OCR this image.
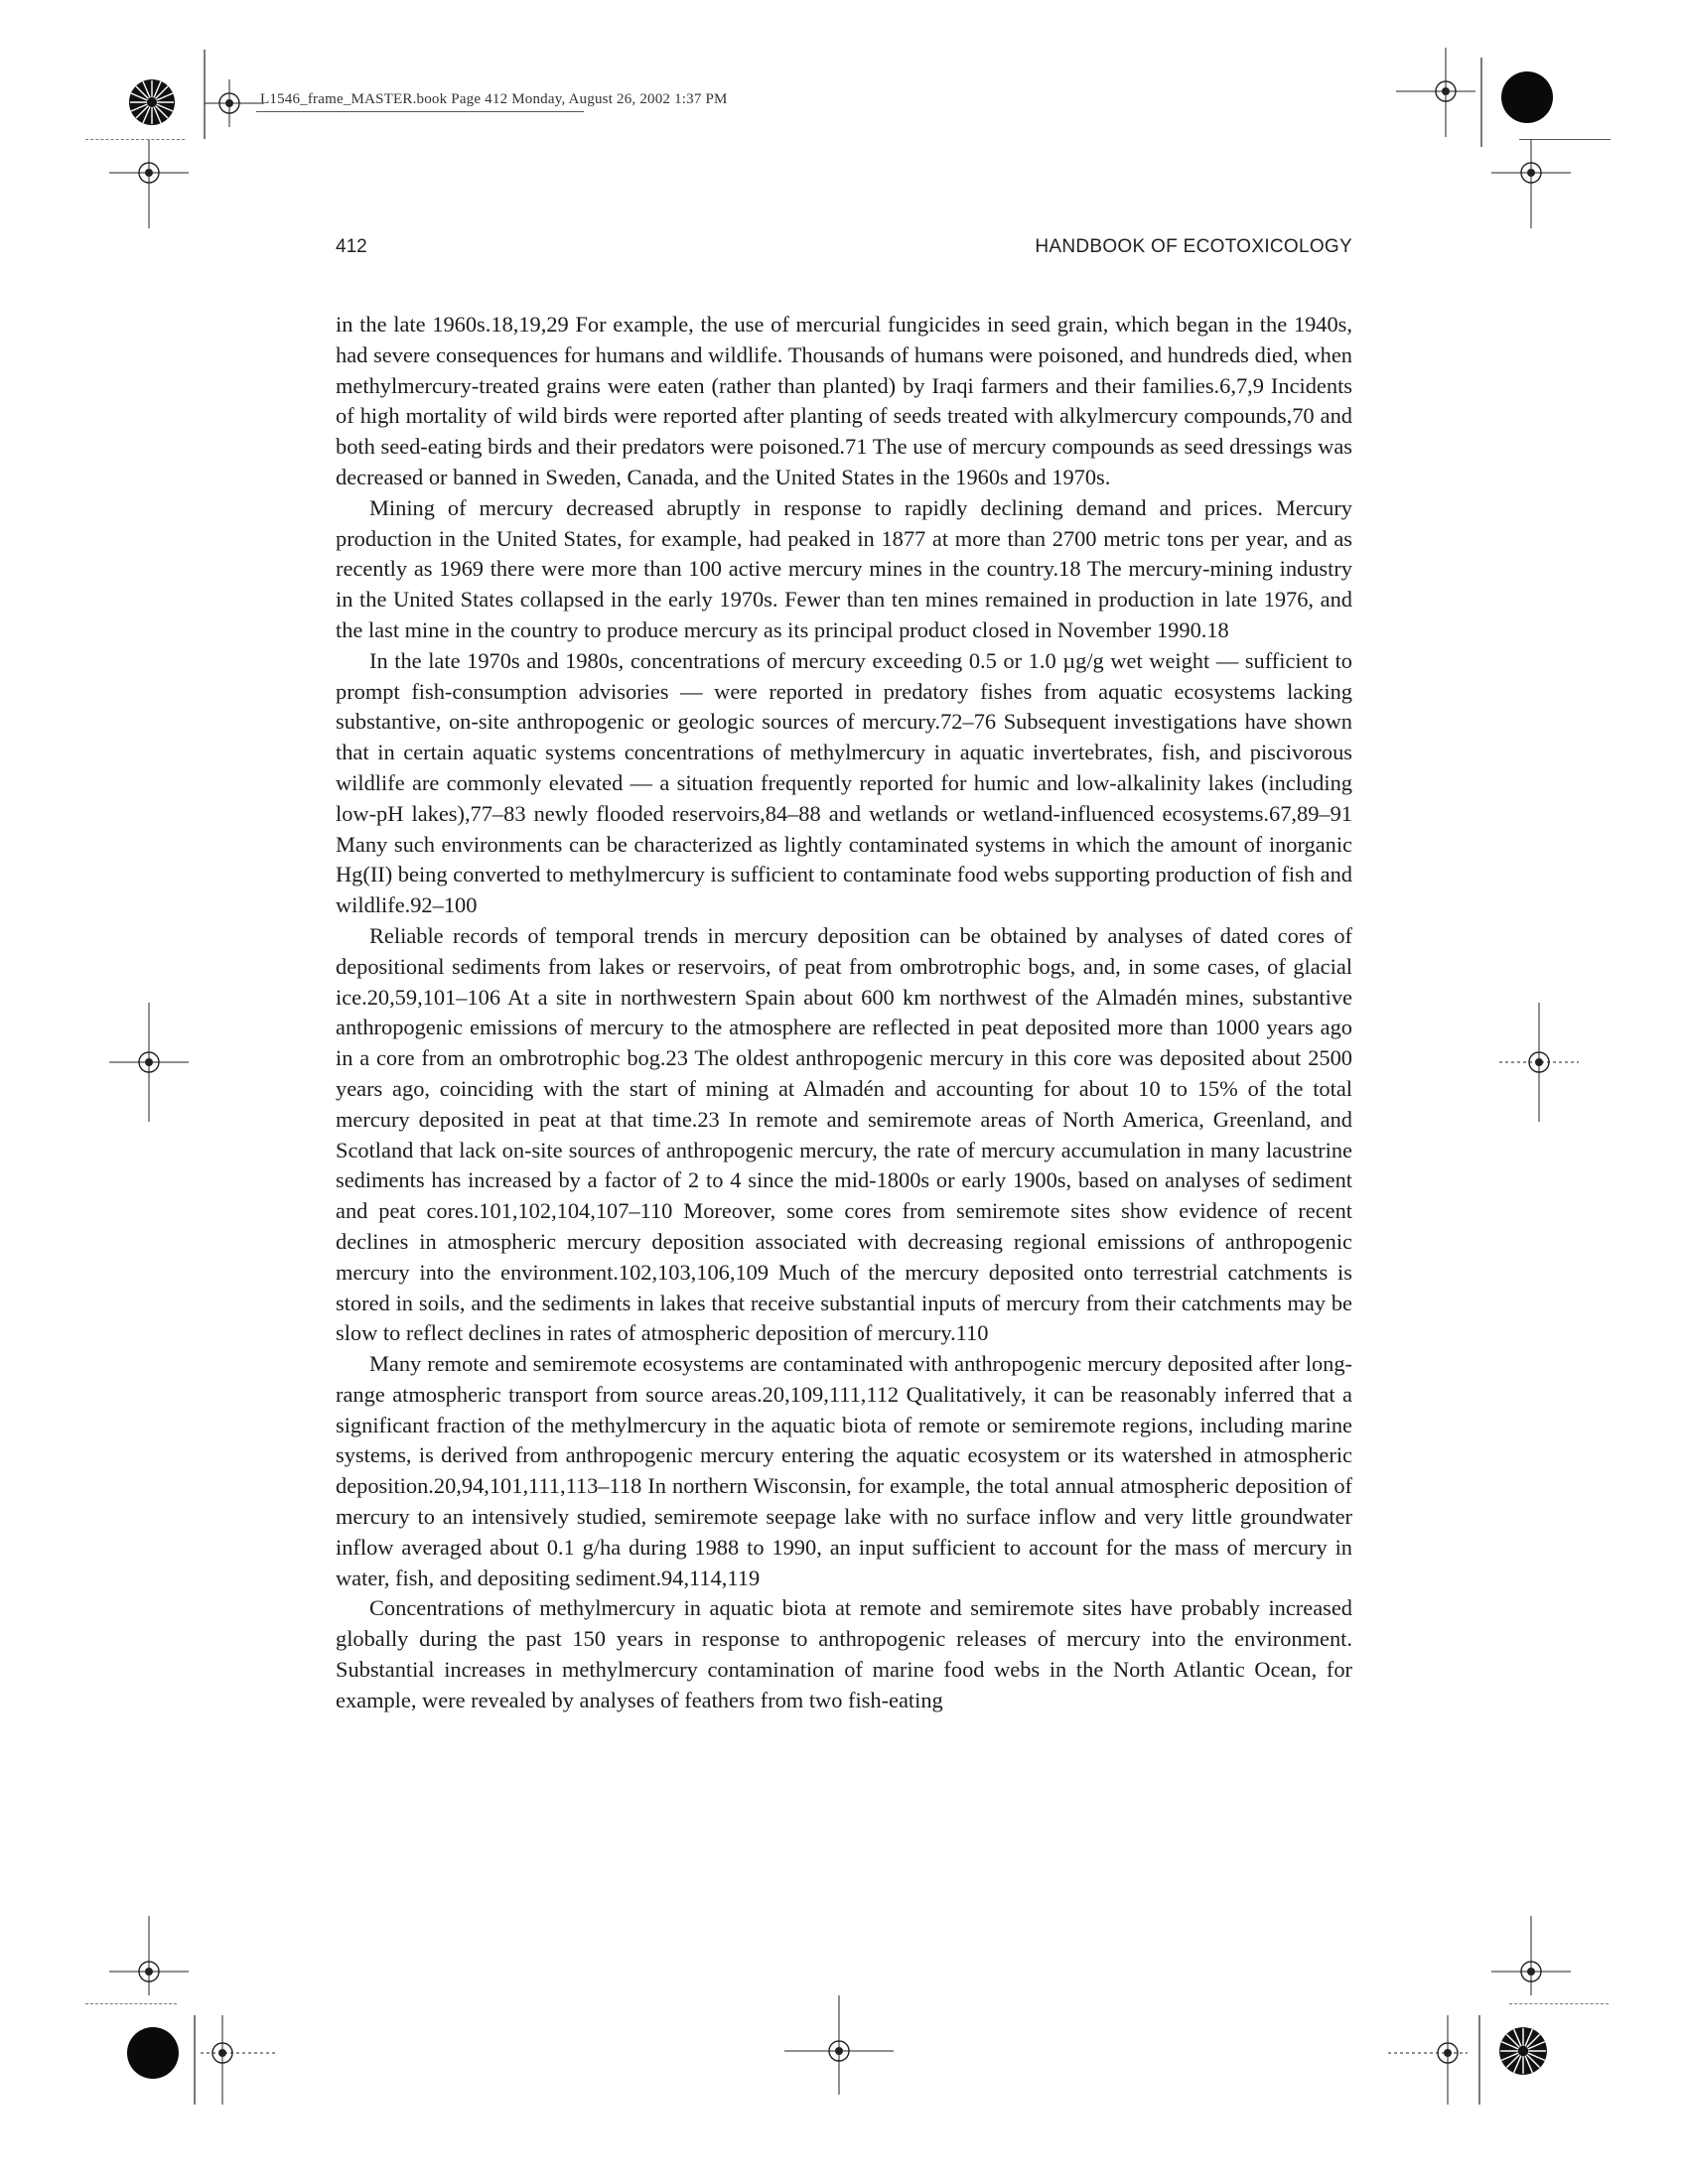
L1546_frame_MASTER.book Page 412 Monday, August 26, 2002 1:37 PM
412	HANDBOOK OF ECOTOXICOLOGY

in the late 1960s.18,19,29 For example, the use of mercurial fungicides in seed grain, which began in the 1940s, had severe consequences for humans and wildlife. Thousands of humans were poisoned, and hundreds died, when methylmercury-treated grains were eaten (rather than planted) by Iraqi farmers and their families.6,7,9 Incidents of high mortality of wild birds were reported after planting of seeds treated with alkylmercury compounds,70 and both seed-eating birds and their predators were poisoned.71 The use of mercury compounds as seed dressings was decreased or banned in Sweden, Canada, and the United States in the 1960s and 1970s.

Mining of mercury decreased abruptly in response to rapidly declining demand and prices. Mercury production in the United States, for example, had peaked in 1877 at more than 2700 metric tons per year, and as recently as 1969 there were more than 100 active mercury mines in the country.18 The mercury-mining industry in the United States collapsed in the early 1970s. Fewer than ten mines remained in production in late 1976, and the last mine in the country to produce mercury as its principal product closed in November 1990.18

In the late 1970s and 1980s, concentrations of mercury exceeding 0.5 or 1.0 µg/g wet weight — sufficient to prompt fish-consumption advisories — were reported in predatory fishes from aquatic ecosystems lacking substantive, on-site anthropogenic or geologic sources of mercury.72–76 Subsequent investigations have shown that in certain aquatic systems concentrations of methylmercury in aquatic invertebrates, fish, and piscivorous wildlife are commonly elevated — a situation frequently reported for humic and low-alkalinity lakes (including low-pH lakes),77–83 newly flooded reservoirs,84–88 and wetlands or wetland-influenced ecosystems.67,89–91 Many such environments can be characterized as lightly contaminated systems in which the amount of inorganic Hg(II) being converted to methylmercury is sufficient to contaminate food webs supporting production of fish and wildlife.92–100

Reliable records of temporal trends in mercury deposition can be obtained by analyses of dated cores of depositional sediments from lakes or reservoirs, of peat from ombrotrophic bogs, and, in some cases, of glacial ice.20,59,101–106 At a site in northwestern Spain about 600 km northwest of the Almadén mines, substantive anthropogenic emissions of mercury to the atmosphere are reflected in peat deposited more than 1000 years ago in a core from an ombrotrophic bog.23 The oldest anthropogenic mercury in this core was deposited about 2500 years ago, coinciding with the start of mining at Almadén and accounting for about 10 to 15% of the total mercury deposited in peat at that time.23 In remote and semiremote areas of North America, Greenland, and Scotland that lack on-site sources of anthropogenic mercury, the rate of mercury accumulation in many lacustrine sediments has increased by a factor of 2 to 4 since the mid-1800s or early 1900s, based on analyses of sediment and peat cores.101,102,104,107–110 Moreover, some cores from semiremote sites show evidence of recent declines in atmospheric mercury deposition associated with decreasing regional emissions of anthropogenic mercury into the environment.102,103,106,109 Much of the mercury deposited onto terrestrial catchments is stored in soils, and the sediments in lakes that receive substantial inputs of mercury from their catchments may be slow to reflect declines in rates of atmospheric deposition of mercury.110

Many remote and semiremote ecosystems are contaminated with anthropogenic mercury deposited after long-range atmospheric transport from source areas.20,109,111,112 Qualitatively, it can be reasonably inferred that a significant fraction of the methylmercury in the aquatic biota of remote or semiremote regions, including marine systems, is derived from anthropogenic mercury entering the aquatic ecosystem or its watershed in atmospheric deposition.20,94,101,111,113–118 In northern Wisconsin, for example, the total annual atmospheric deposition of mercury to an intensively studied, semiremote seepage lake with no surface inflow and very little groundwater inflow averaged about 0.1 g/ha during 1988 to 1990, an input sufficient to account for the mass of mercury in water, fish, and depositing sediment.94,114,119

Concentrations of methylmercury in aquatic biota at remote and semiremote sites have probably increased globally during the past 150 years in response to anthropogenic releases of mercury into the environment. Substantial increases in methylmercury contamination of marine food webs in the North Atlantic Ocean, for example, were revealed by analyses of feathers from two fish-eating
